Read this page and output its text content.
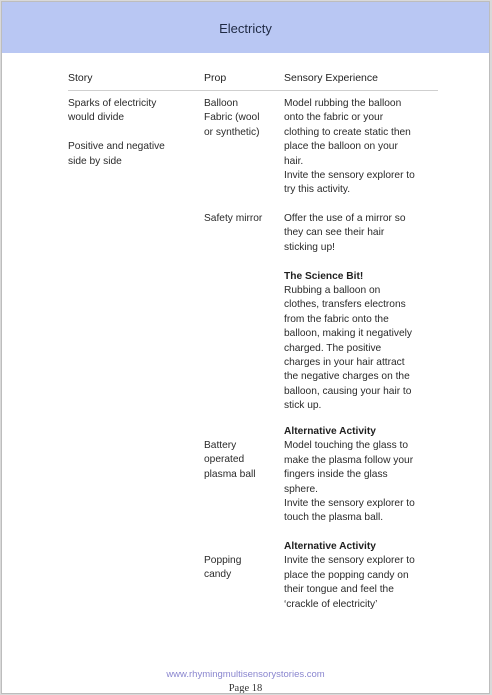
Electricty
Story	Prop	Sensory Experience

Sparks of electricity

would divide

Positive and negative

side by side

Balloon

Fabric (wool

or synthetic)

Model rubbing the balloon

onto the fabric or your

clothing to create static then

place the balloon on your

hair.

Invite the sensory explorer to

try this activity.

Safety mirror Offer the use of a mirror so

they can see their hair

sticking up!

The Science Bit!

Rubbing a balloon on

clothes, transfers electrons

from the fabric onto the

balloon, making it negatively

charged. The positive

charges in your hair attract

the negative charges on the

balloon, causing your hair to

stick up.

Battery

operated

plasma ball

Alternative Activity

Model touching the glass to

make the plasma follow your

fingers inside the glass

sphere.

Invite the sensory explorer to

touch the plasma ball.

Popping

candy

Alternative Activity

Invite the sensory explorer to

place the popping candy on

their tongue and feel the

‘crackle of electricity’

www.rhymingmultisensorystories.com
Page 18
